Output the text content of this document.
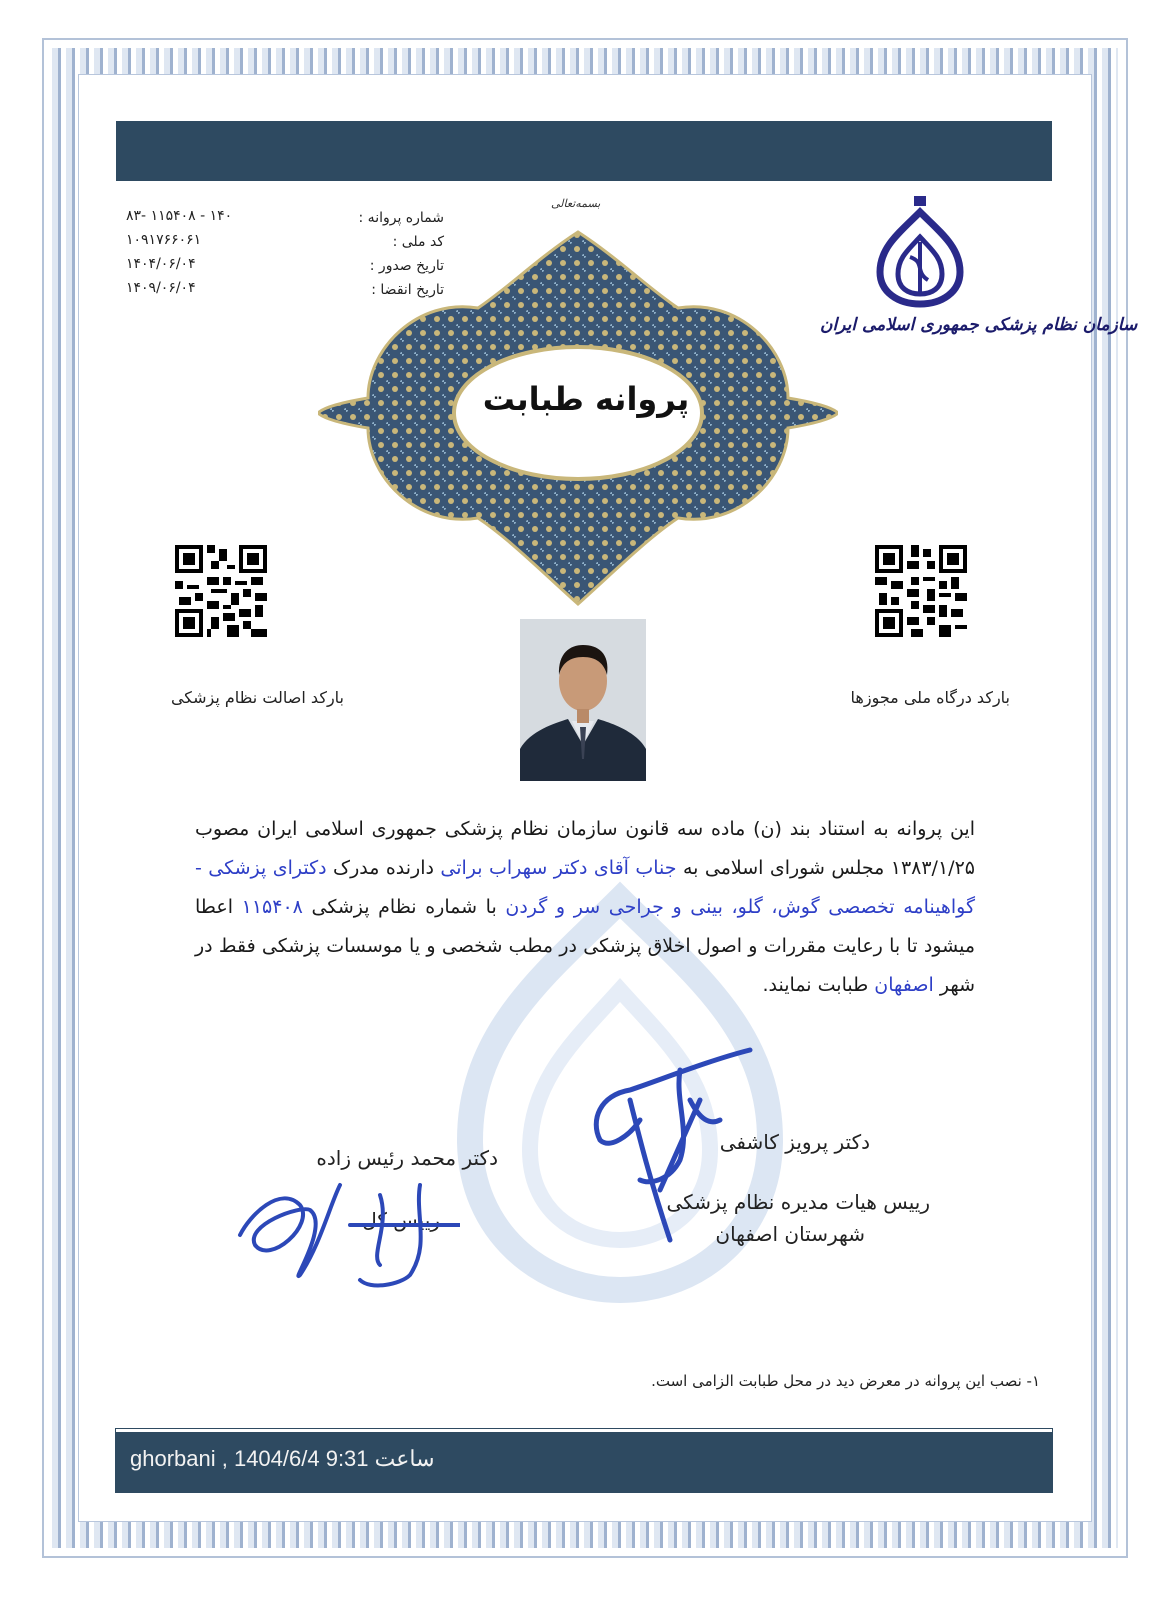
سازمان نظام پزشکی جمهوری اسلامی ایران
بسمه‌تعالی
شماره پروانه :
کد ملی :
تاریخ صدور :
تاریخ انقضا :
۱۴۰ - ۱۱۵۴۰۸ -۸۳
۱۰۹۱۷۶۶۰۶۱
۱۴۰۴/۰۶/۰۴
۱۴۰۹/۰۶/۰۴
پروانه طبابت
بارکد اصالت نظام پزشکی	بارکد درگاه ملی مجوزها
این پروانه به استناد بند (ن) ماده سه قانون سازمان نظام پزشکی جمهوری اسلامی ایران مصوب ۱۳۸۳/۱/۲۵ مجلس شورای اسلامی به جناب آقای دکتر سهراب براتی دارنده مدرک دکترای پزشکی - گواهینامه تخصصی گوش، گلو، بینی و جراحی سر و گردن با شماره نظام پزشکی ۱۱۵۴۰۸ اعطا میشود تا با رعایت مقررات و اصول اخلاق پزشکی در مطب شخصی و یا موسسات پزشکی فقط در شهر اصفهان طبابت نمایند.
دکتر محمد رئیس زاده
رییس کل
دکتر پرویز کاشفی
رییس هیات مدیره نظام پزشکی
شهرستان اصفهان
۱- نصب این پروانه در معرض دید در محل طبابت الزامی است.
ghorbani , 1404/6/4 9:31 ساعت
